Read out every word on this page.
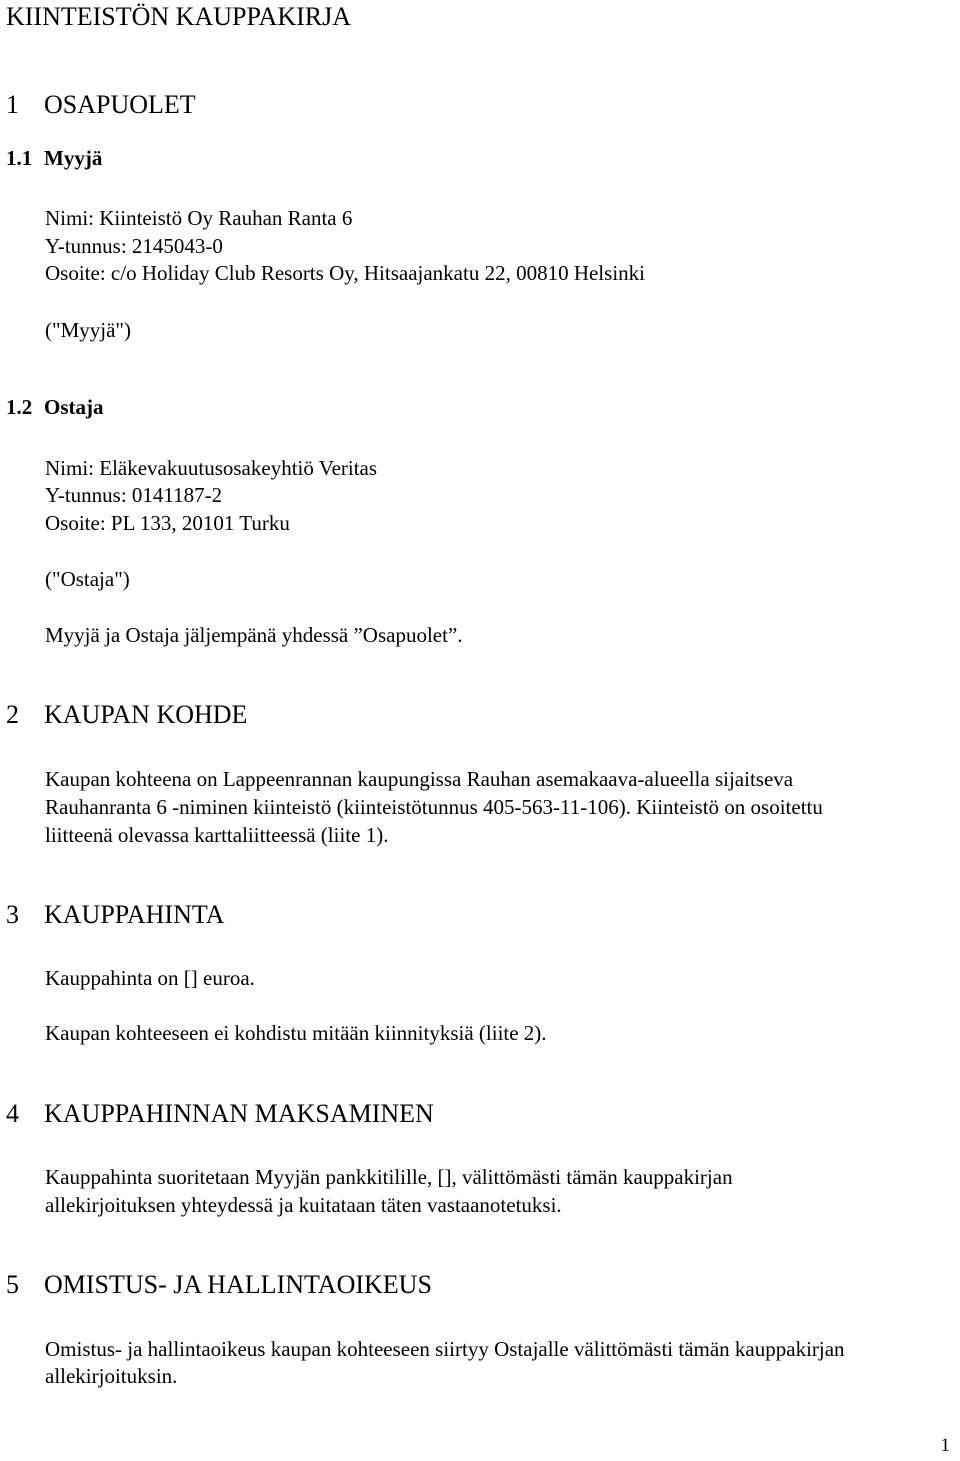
KIINTEISTÖN KAUPPAKIRJA
1 OSAPUOLET
1.1 Myyjä
Nimi: Kiinteistö Oy Rauhan Ranta 6
Y-tunnus: 2145043-0
Osoite: c/o Holiday Club Resorts Oy, Hitsaajankatu 22, 00810 Helsinki
("Myyjä")
1.2 Ostaja
Nimi: Eläkevakuutusosakeyhtiö Veritas
Y-tunnus: 0141187-2
Osoite: PL 133, 20101 Turku
("Ostaja")
Myyjä ja Ostaja jäljempänä yhdessä ”Osapuolet”.
2 KAUPAN KOHDE
Kaupan kohteena on Lappeenrannan kaupungissa Rauhan asemakaava-alueella sijaitseva
Rauhanranta 6 -niminen kiinteistö (kiinteistötunnus 405-563-11-106). Kiinteistö on osoitettu
liitteenä olevassa karttaliitteessä (liite 1).
3 KAUPPAHINTA
Kauppahinta on [] euroa.
Kaupan kohteeseen ei kohdistu mitään kiinnityksiä (liite 2).
4 KAUPPAHINNAN MAKSAMINEN
Kauppahinta suoritetaan Myyjän pankkitilille, [], välittömästi tämän kauppakirjan
allekirjoituksen yhteydessä ja kuitataan täten vastaanotetuksi.
5 OMISTUS- JA HALLINTAOIKEUS
Omistus- ja hallintaoikeus kaupan kohteeseen siirtyy Ostajalle välittömästi tämän kauppakirjan
allekirjoituksin.
1
